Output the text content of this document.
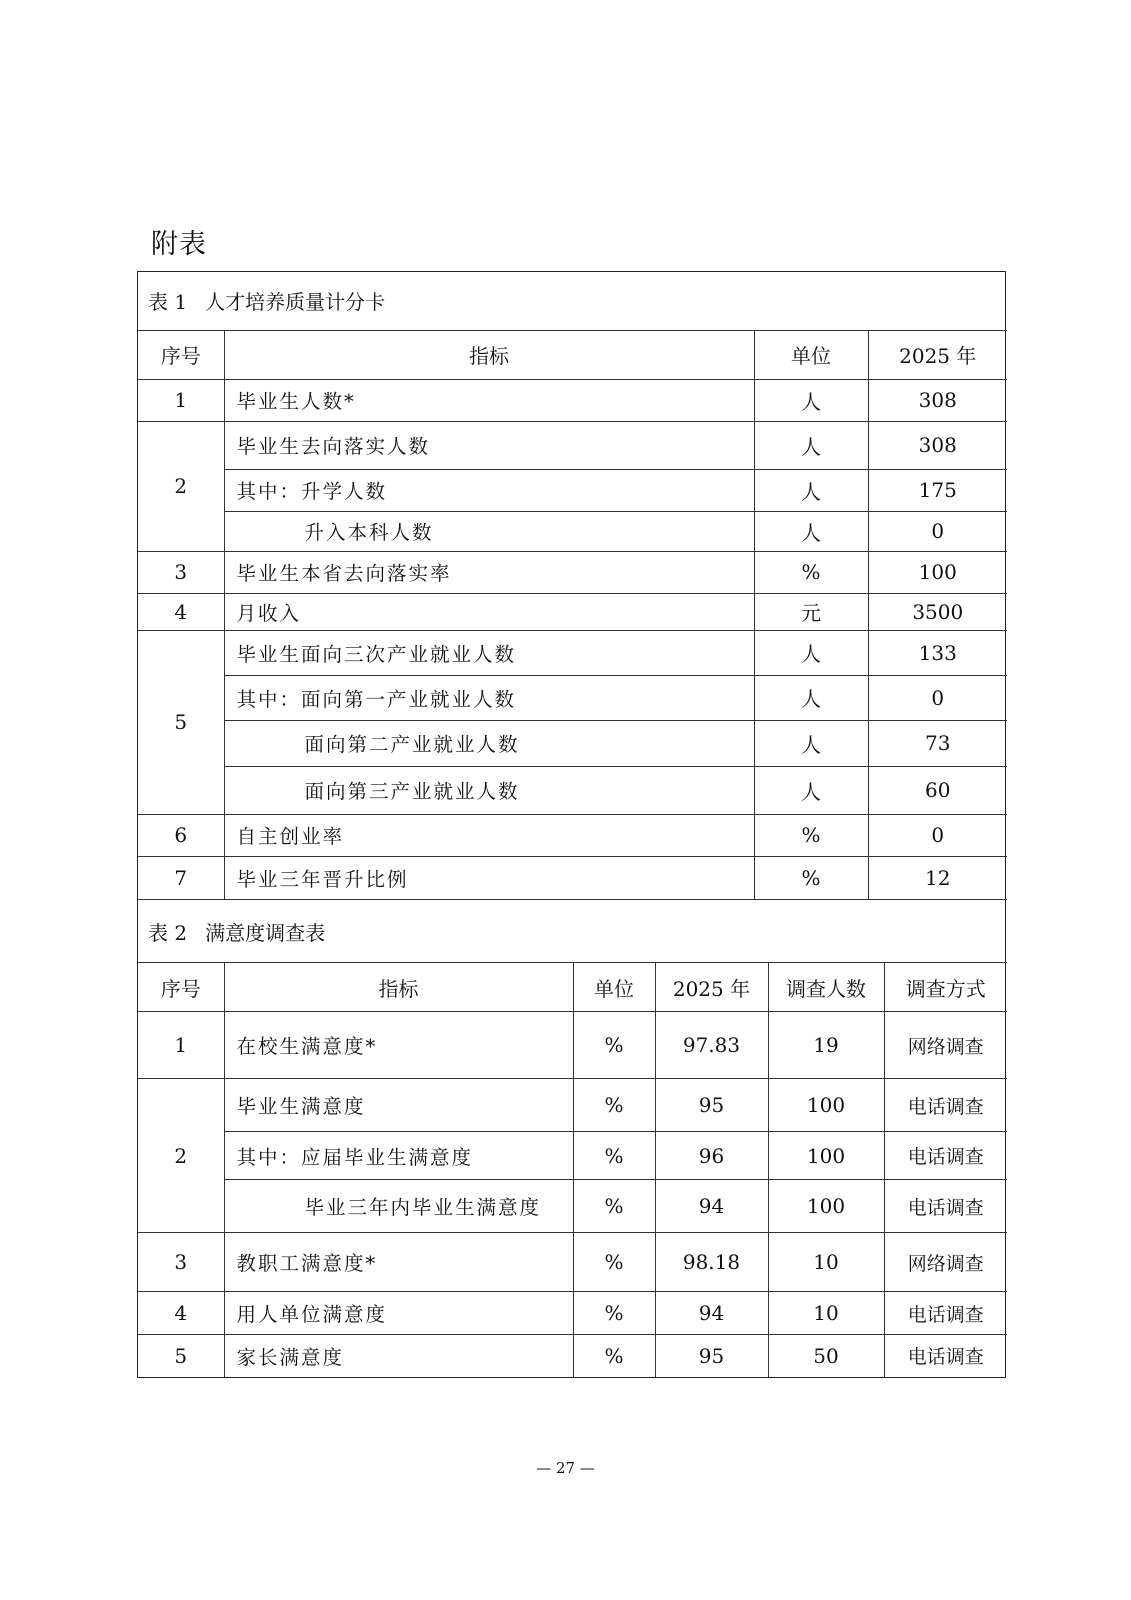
附表
表 1 人才培养质量计分卡			
序号	指标	单位	2025 年
1	毕业生人数*	人	308
2	毕业生去向落实人数	人	308
	其中：升学人数	人	175
	升入本科人数	人	0
3	毕业生本省去向落实率	%	100
4	月收入	元	3500
5	毕业生面向三次产业就业人数	人	133
	其中：面向第一产业就业人数	人	0
	面向第二产业就业人数	人	73
	面向第三产业就业人数	人	60
6	自主创业率	%	0
7	毕业三年晋升比例	%	12
表 2 满意度调查表					
序号	指标	单位	2025 年	调查人数	调查方式
1	在校生满意度*	%	97.83	19	网络调查
2	毕业生满意度	%	95	100	电话调查
	其中：应届毕业生满意度	%	96	100	电话调查
	毕业三年内毕业生满意度	%	94	100	电话调查
3	教职工满意度*	%	98.18	10	网络调查
4	用人单位满意度	%	94	10	电话调查
5	家长满意度	%	95	50	电话调查
— 27 —
